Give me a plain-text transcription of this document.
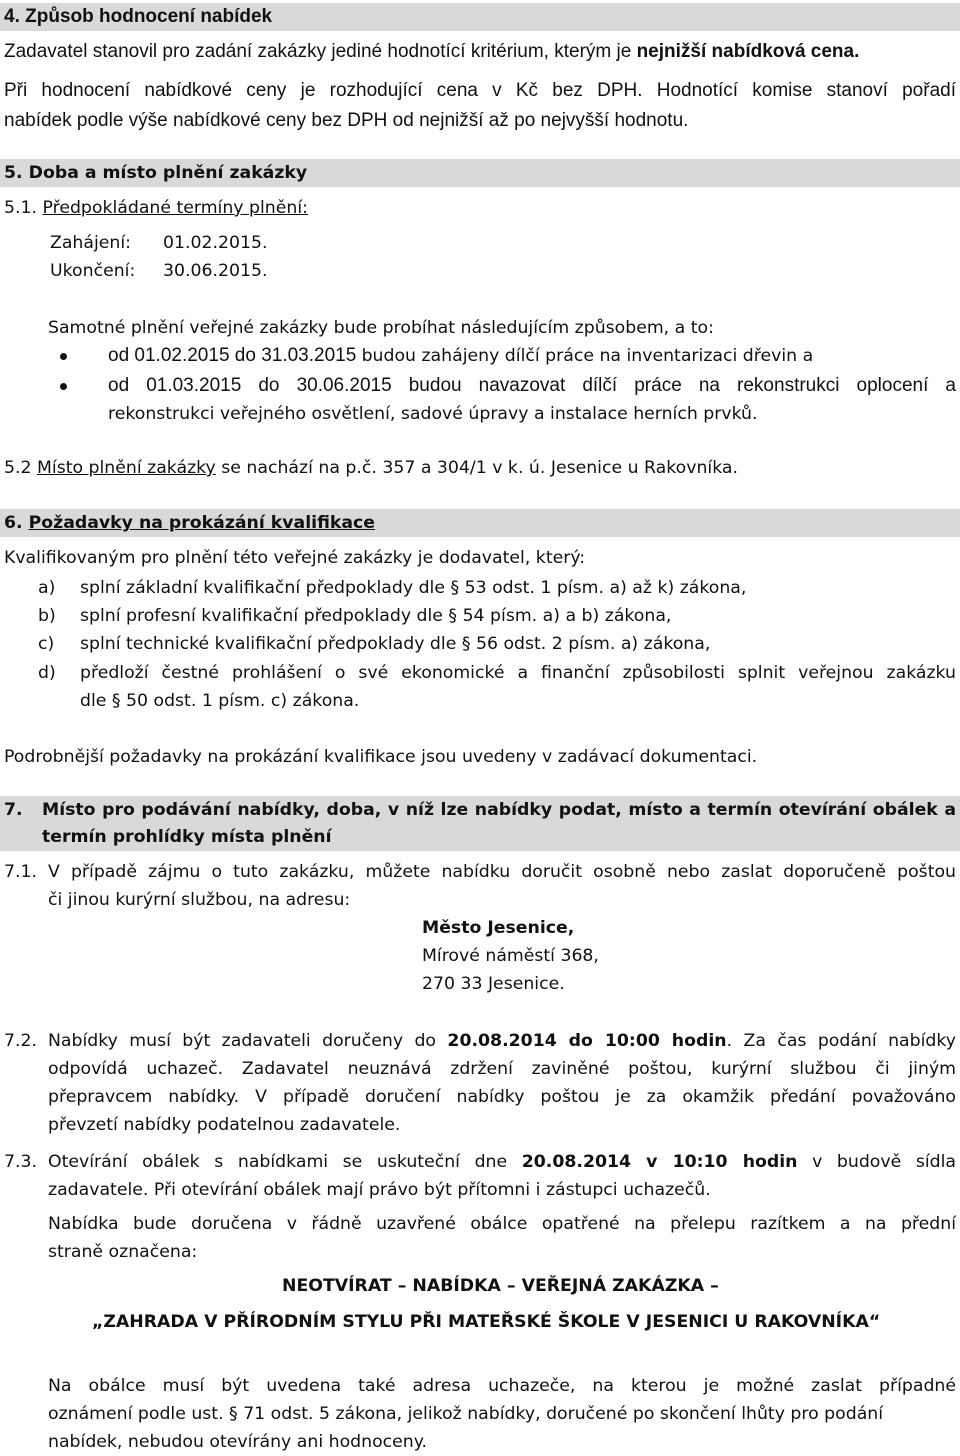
4. Způsob hodnocení nabídek
Zadavatel stanovil pro zadání zakázky jediné hodnotící kritérium, kterým je nejnižší nabídková cena.
Při hodnocení nabídkové ceny je rozhodující cena v Kč bez DPH. Hodnotící komise stanoví pořadí
nabídek podle výše nabídkové ceny bez DPH od nejnižší až po nejvyšší hodnotu.
5. Doba a místo plnění zakázky
5.1. Předpokládané termíny plnění:
Zahájení: 01.02.2015.
Ukončení: 30.06.2015.
Samotné plnění veřejné zakázky bude probíhat následujícím způsobem, a to:
od 01.02.2015 do 31.03.2015 budou zahájeny dílčí práce na inventarizaci dřevin a
od 01.03.2015 do 30.06.2015 budou navazovat dílčí práce na rekonstrukci oplocení a
rekonstrukci veřejného osvětlení, sadové úpravy a instalace herních prvků.
5.2 Místo plnění zakázky se nachází na p.č. 357 a 304/1 v k. ú. Jesenice u Rakovníka.
6. Požadavky na prokázání kvalifikace
Kvalifikovaným pro plnění této veřejné zakázky je dodavatel, který:
a) splní základní kvalifikační předpoklady dle § 53 odst. 1 písm. a) až k) zákona,
b) splní profesní kvalifikační předpoklady dle § 54 písm. a) a b) zákona,
c) splní technické kvalifikační předpoklady dle § 56 odst. 2 písm. a) zákona,
d) předloží čestné prohlášení o své ekonomické a finanční způsobilosti splnit veřejnou zakázku
dle § 50 odst. 1 písm. c) zákona.
Podrobnější požadavky na prokázání kvalifikace jsou uvedeny v zadávací dokumentaci.
7. Místo pro podávání nabídky, doba, v níž lze nabídky podat, místo a termín otevírání obálek a
termín prohlídky místa plnění
7.1. V případě zájmu o tuto zakázku, můžete nabídku doručit osobně nebo zaslat doporučeně poštou
či jinou kurýrní službou, na adresu:
Město Jesenice,
Mírové náměstí 368,
270 33 Jesenice.
7.2. Nabídky musí být zadavateli doručeny do 20.08.2014 do 10:00 hodin. Za čas podání nabídky
odpovídá uchazeč. Zadavatel neuznává zdržení zaviněné poštou, kurýrní službou či jiným
přepravcem nabídky. V případě doručení nabídky poštou je za okamžik předání považováno
převzetí nabídky podatelnou zadavatele.
7.3. Otevírání obálek s nabídkami se uskuteční dne 20.08.2014 v 10:10 hodin v budově sídla
zadavatele. Při otevírání obálek mají právo být přítomni i zástupci uchazečů.
Nabídka bude doručena v řádně uzavřené obálce opatřené na přelepu razítkem a na přední
straně označena:
NEOTVÍRAT – NABÍDKA – VEŘEJNÁ ZAKÁZKA –
„ZAHRADA V PŘÍRODNÍM STYLU PŘI MATEŘSKÉ ŠKOLE V JESENICI U RAKOVNÍKA“
Na obálce musí být uvedena také adresa uchazeče, na kterou je možné zaslat případné
oznámení podle ust. § 71 odst. 5 zákona, jelikož nabídky, doručené po skončení lhůty pro podání
nabídek, nebudou otevírány ani hodnoceny.
